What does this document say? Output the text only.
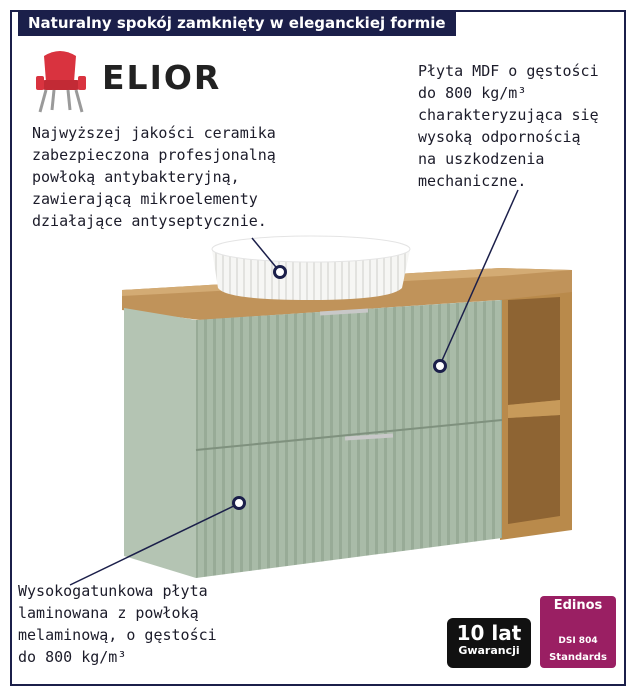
Naturalny spokój zamknięty w eleganckiej formie
ELIOR
Najwyższej jakości ceramika
zabezpieczona profesjonalną
powłoką antybakteryjną,
zawierającą mikroelementy
działające antyseptycznie.
Płyta MDF o gęstości
do 800 kg/m³
charakteryzująca się
wysoką odpornością
na uszkodzenia
mechaniczne.
Wysokogatunkowa płyta
laminowana z powłoką
melaminową, o gęstości
do 800 kg/m³
10 lat
Gwarancji
Edinos
DSI 804
Standards
